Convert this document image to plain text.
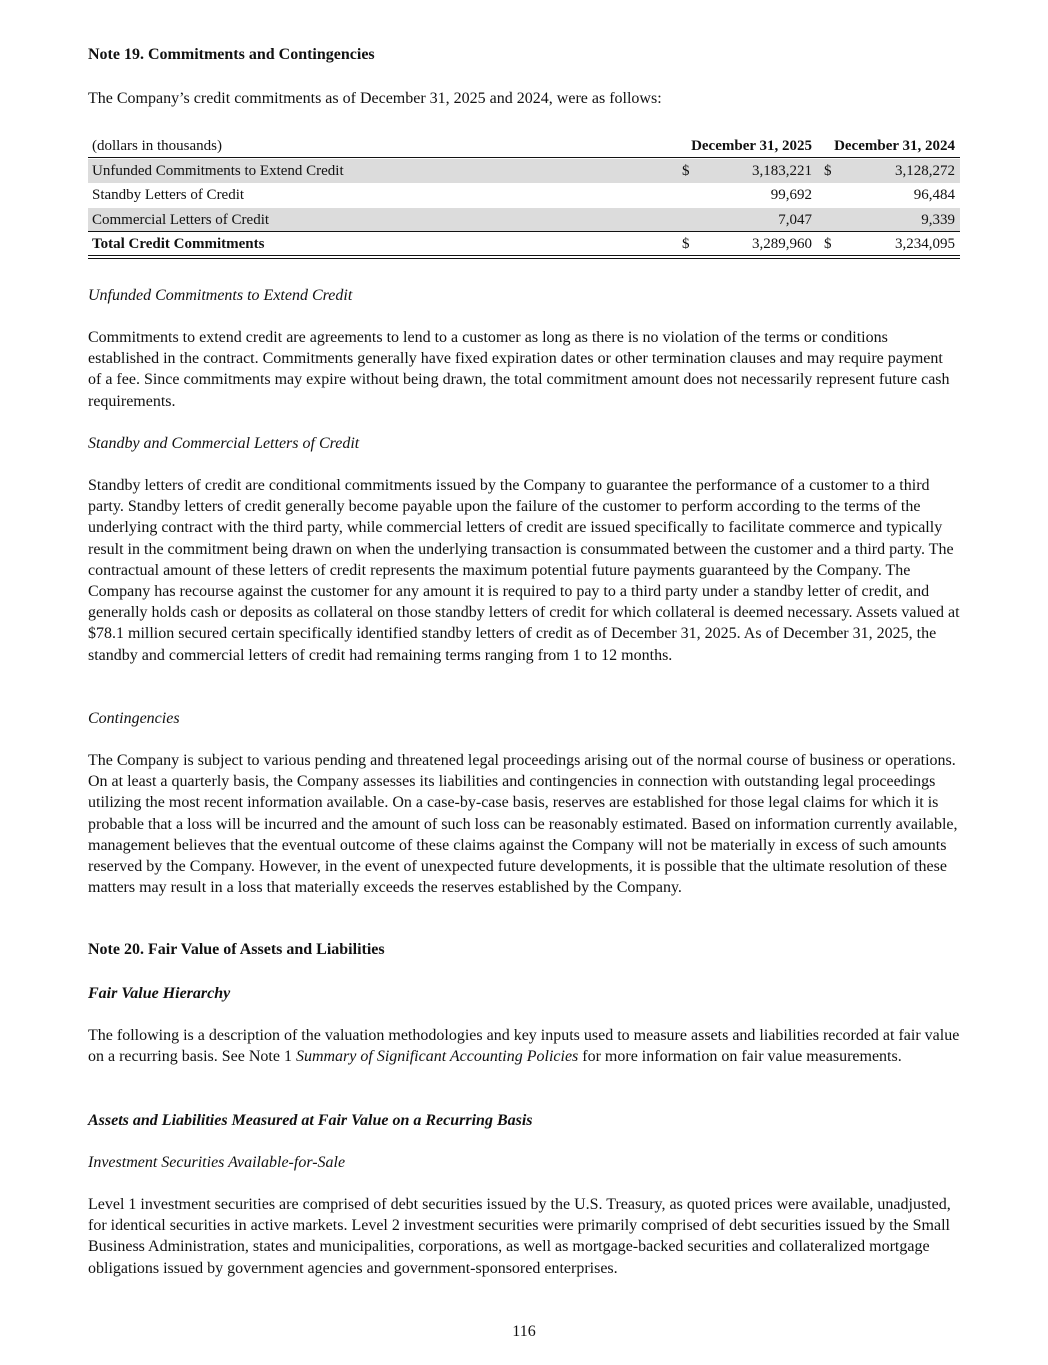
Note 19. Commitments and Contingencies
The Company’s credit commitments as of December 31, 2025 and 2024, were as follows:
(dollars in thousands)	December 31, 2025 December 31, 2024
Unfunded Commitments to Extend Credit	$	3,183,221 $	3,128,272
Standby Letters of Credit	99,692	96,484
Commercial Letters of Credit	7,047	9,339
Total Credit Commitments	$	3,289,960 $	3,234,095
Unfunded Commitments to Extend Credit
Commitments to extend credit are agreements to lend to a customer as long as there is no violation of the terms or conditions established in the contract. Commitments generally have fixed expiration dates or other termination clauses and may require payment of a fee. Since commitments may expire without being drawn, the total commitment amount does not necessarily represent future cash requirements.
Standby and Commercial Letters of Credit
Standby letters of credit are conditional commitments issued by the Company to guarantee the performance of a customer to a third party. Standby letters of credit generally become payable upon the failure of the customer to perform according to the terms of the underlying contract with the third party, while commercial letters of credit are issued specifically to facilitate commerce and typically result in the commitment being drawn on when the underlying transaction is consummated between the customer and a third party. The contractual amount of these letters of credit represents the maximum potential future payments guaranteed by the Company. The Company has recourse against the customer for any amount it is required to pay to a third party under a standby letter of credit, and generally holds cash or deposits as collateral on those standby letters of credit for which collateral is deemed necessary. Assets valued at $78.1 million secured certain specifically identified standby letters of credit as of December 31, 2025. As of December 31, 2025, the standby and commercial letters of credit had remaining terms ranging from 1 to 12 months.
Contingencies
The Company is subject to various pending and threatened legal proceedings arising out of the normal course of business or operations. On at least a quarterly basis, the Company assesses its liabilities and contingencies in connection with outstanding legal proceedings utilizing the most recent information available. On a case-by-case basis, reserves are established for those legal claims for which it is probable that a loss will be incurred and the amount of such loss can be reasonably estimated. Based on information currently available, management believes that the eventual outcome of these claims against the Company will not be materially in excess of such amounts reserved by the Company. However, in the event of unexpected future developments, it is possible that the ultimate resolution of these matters may result in a loss that materially exceeds the reserves established by the Company.
Note 20. Fair Value of Assets and Liabilities
Fair Value Hierarchy
The following is a description of the valuation methodologies and key inputs used to measure assets and liabilities recorded at fair value on a recurring basis. See Note 1 Summary of Significant Accounting Policies for more information on fair value measurements.
Assets and Liabilities Measured at Fair Value on a Recurring Basis
Investment Securities Available-for-Sale
Level 1 investment securities are comprised of debt securities issued by the U.S. Treasury, as quoted prices were available, unadjusted, for identical securities in active markets. Level 2 investment securities were primarily comprised of debt securities issued by the Small Business Administration, states and municipalities, corporations, as well as mortgage-backed securities and collateralized mortgage obligations issued by government agencies and government-sponsored enterprises.
116
